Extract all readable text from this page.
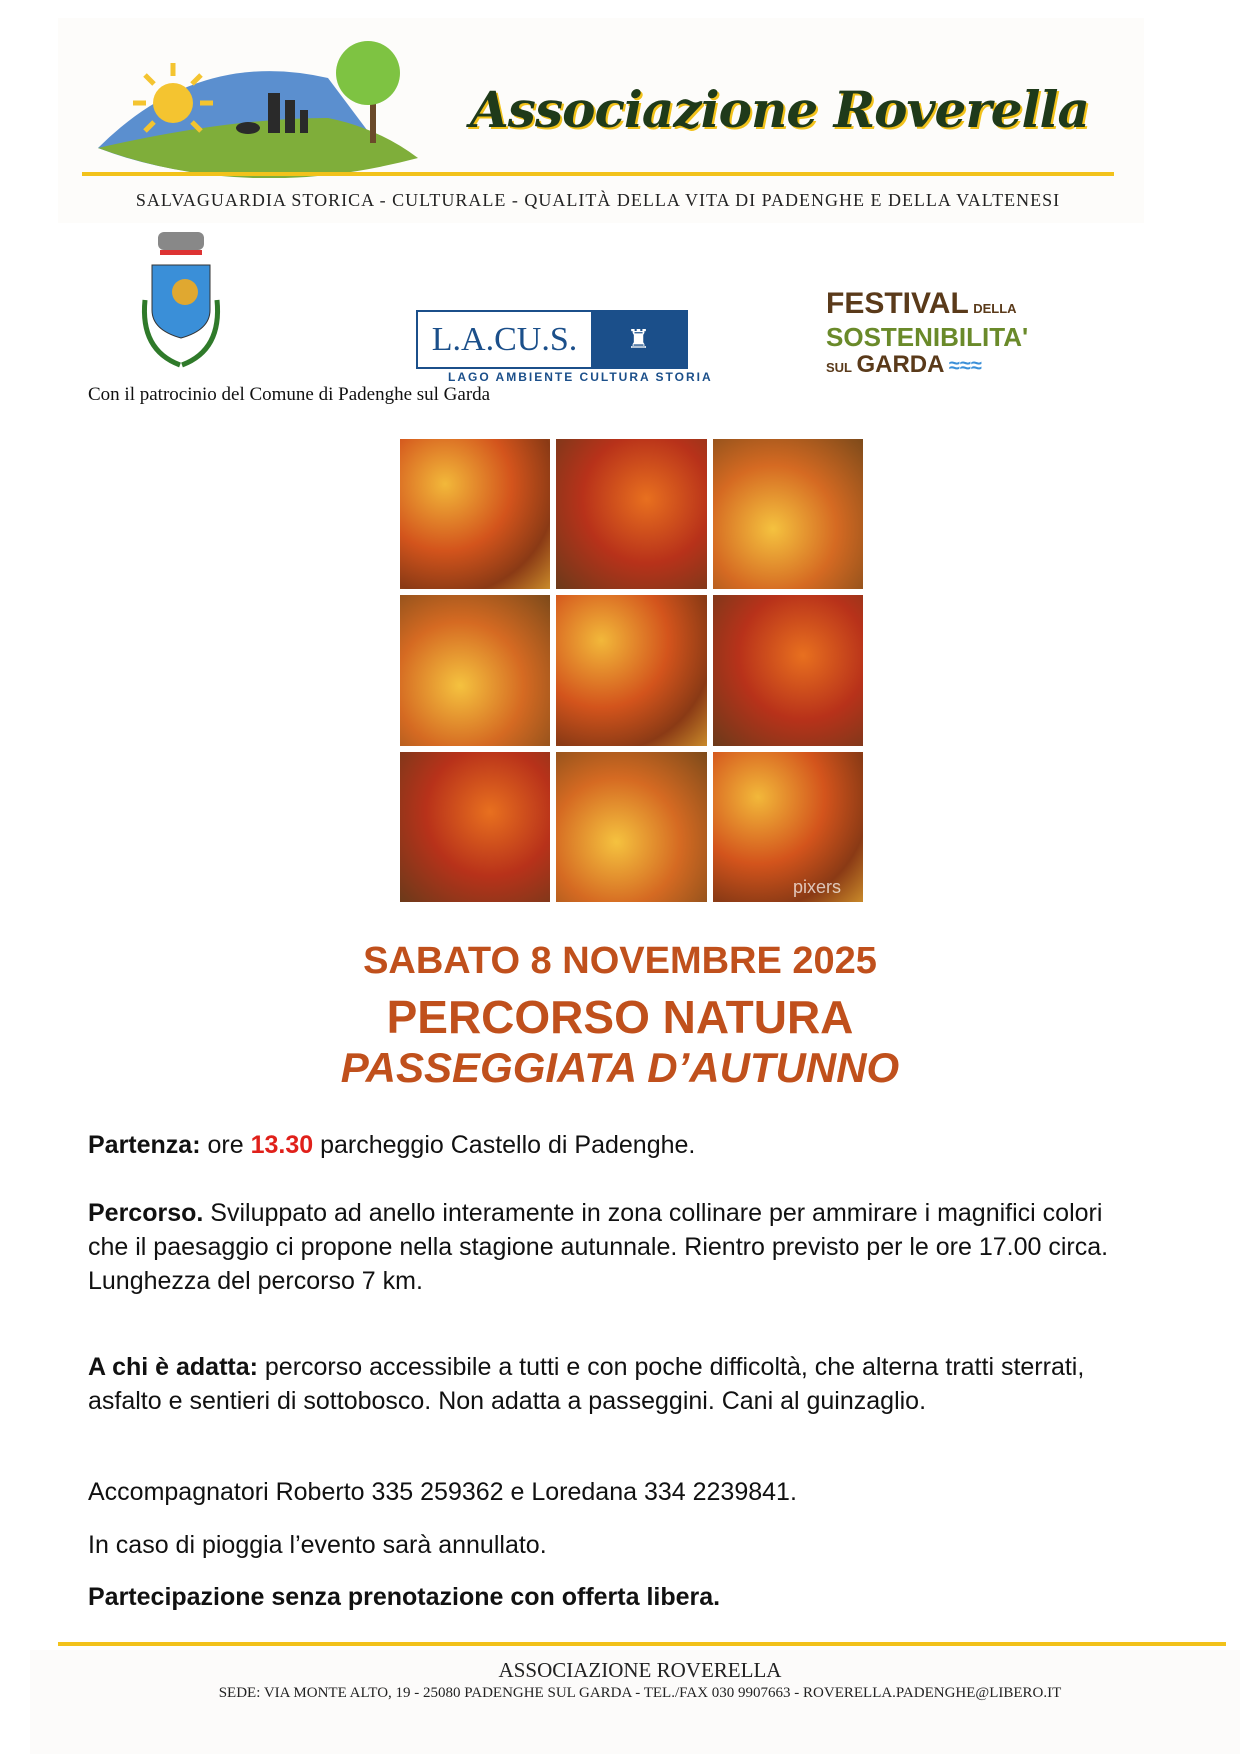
Associazione Roverella
SALVAGUARDIA STORICA - CULTURALE - QUALITÀ DELLA VITA DI PADENGHE E DELLA VALTENESI
Con il patrocinio del Comune di Padenghe sul Garda
L.A.CU.S.	♜
LAGO AMBIENTE CULTURA STORIA
FESTIVAL DELLA
SOSTENIBILITA'
SUL GARDA ≈≈≈
pixers
SABATO 8 NOVEMBRE 2025
PERCORSO NATURA
PASSEGGIATA D’AUTUNNO
Partenza: ore 13.30 parcheggio Castello di Padenghe.
Percorso. Sviluppato ad anello interamente in zona collinare per ammirare i magnifici colori che il paesaggio ci propone nella stagione autunnale. Rientro previsto per le ore 17.00 circa. Lunghezza del percorso 7 km.
A chi è adatta: percorso accessibile a tutti e con poche difficoltà, che alterna tratti sterrati, asfalto e sentieri di sottobosco. Non adatta a passeggini. Cani al guinzaglio.
Accompagnatori Roberto 335 259362 e Loredana 334 2239841.
In caso di pioggia l’evento sarà annullato.
Partecipazione senza prenotazione con offerta libera.
ASSOCIAZIONE ROVERELLA
SEDE: VIA MONTE ALTO, 19 - 25080 PADENGHE SUL GARDA - TEL./FAX 030 9907663 - ROVERELLA.PADENGHE@LIBERO.IT
